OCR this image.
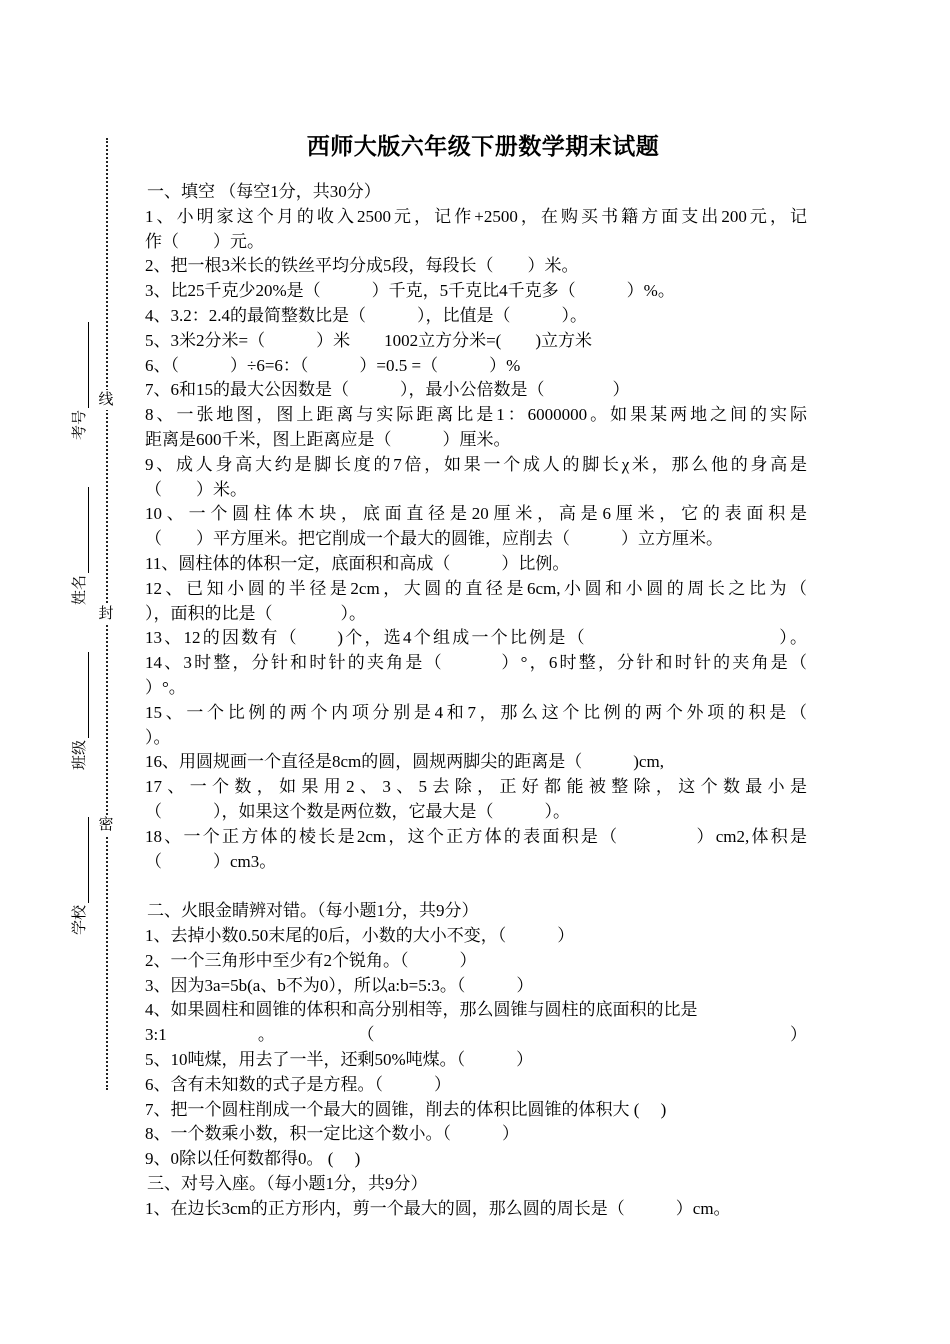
线
封
密
学校
班级
姓名
考号
西师大版六年级下册数学期末试题
一、填空 （每空1分，共30分）
1、小明家这个月的收入2500元，记作+2500，在购买书籍方面支出200元，记
作（　　）元。
2、把一根3米长的铁丝平均分成5段，每段长（　　）米。
3、比25千克少20%是（　　　）千克，5千克比4千克多（　　　）%。
4、3.2：2.4的最简整数比是（　　　），比值是（　　　）。
5、3米2分米=（　　　）米　　1002立方分米=(　　)立方米
6、（　　　）÷6=6：（　　　）=0.5 =（　　　）%
7、6和15的最大公因数是（　　　），最小公倍数是（　　　　）
8、一张地图，图上距离与实际距离比是1：6000000。如果某两地之间的实际
距离是600千米，图上距离应是（　　　）厘米。
9、成人身高大约是脚长度的7倍，如果一个成人的脚长χ米，那么他的身高是
（　　）米。
10、一个圆柱体木块，底面直径是20厘米，高是6厘米，它的表面积是
（　　）平方厘米。把它削成一个最大的圆锥，应削去（　　　）立方厘米。
11、圆柱体的体积一定，底面积和高成（　　　）比例。
12、已知小圆的半径是2cm，大圆的直径是6cm,小圆和小圆的周长之比为（
），面积的比是（　　　　）。
13、12的因数有（　　)个，选4个组成一个比例是（　　　　　　　　　　）。
14、3时整，分针和时针的夹角是（　　　）°，6时整，分针和时针的夹角是（
）°。
15、一个比例的两个内项分别是4和7，那么这个比例的两个外项的积是（
）。
16、用圆规画一个直径是8cm的圆，圆规两脚尖的距离是（　　　)cm,
17、一个数，如果用2、3、5去除，正好都能被整除，这个数最小是
（　　　），如果这个数是两位数，它最大是（　　　）。
18、一个正方体的棱长是2cm，这个正方体的表面积是（　　　　）cm2,体积是
（　　　）cm3。
二、火眼金睛辨对错。（每小题1分，共9分）
1、去掉小数0.50末尾的0后，小数的大小不变，（　　　）
2、一个三角形中至少有2个锐角。（　　　）
3、因为3a=5b(a、b不为0），所以a:b=5:3。（　　　）
4、如果圆柱和圆锥的体积和高分别相等，那么圆锥与圆柱的底面积的比是
3:1。（　　　）
5、10吨煤，用去了一半，还剩50%吨煤。（　　　）
6、含有未知数的式子是方程。（　　　）
7、把一个圆柱削成一个最大的圆锥，削去的体积比圆锥的体积大 (　 )
8、一个数乘小数，积一定比这个数小。（　　　）
9、0除以任何数都得0。 (　 )
三、对号入座。（每小题1分，共9分）
1、在边长3cm的正方形内，剪一个最大的圆，那么圆的周长是（　　　）cm。
